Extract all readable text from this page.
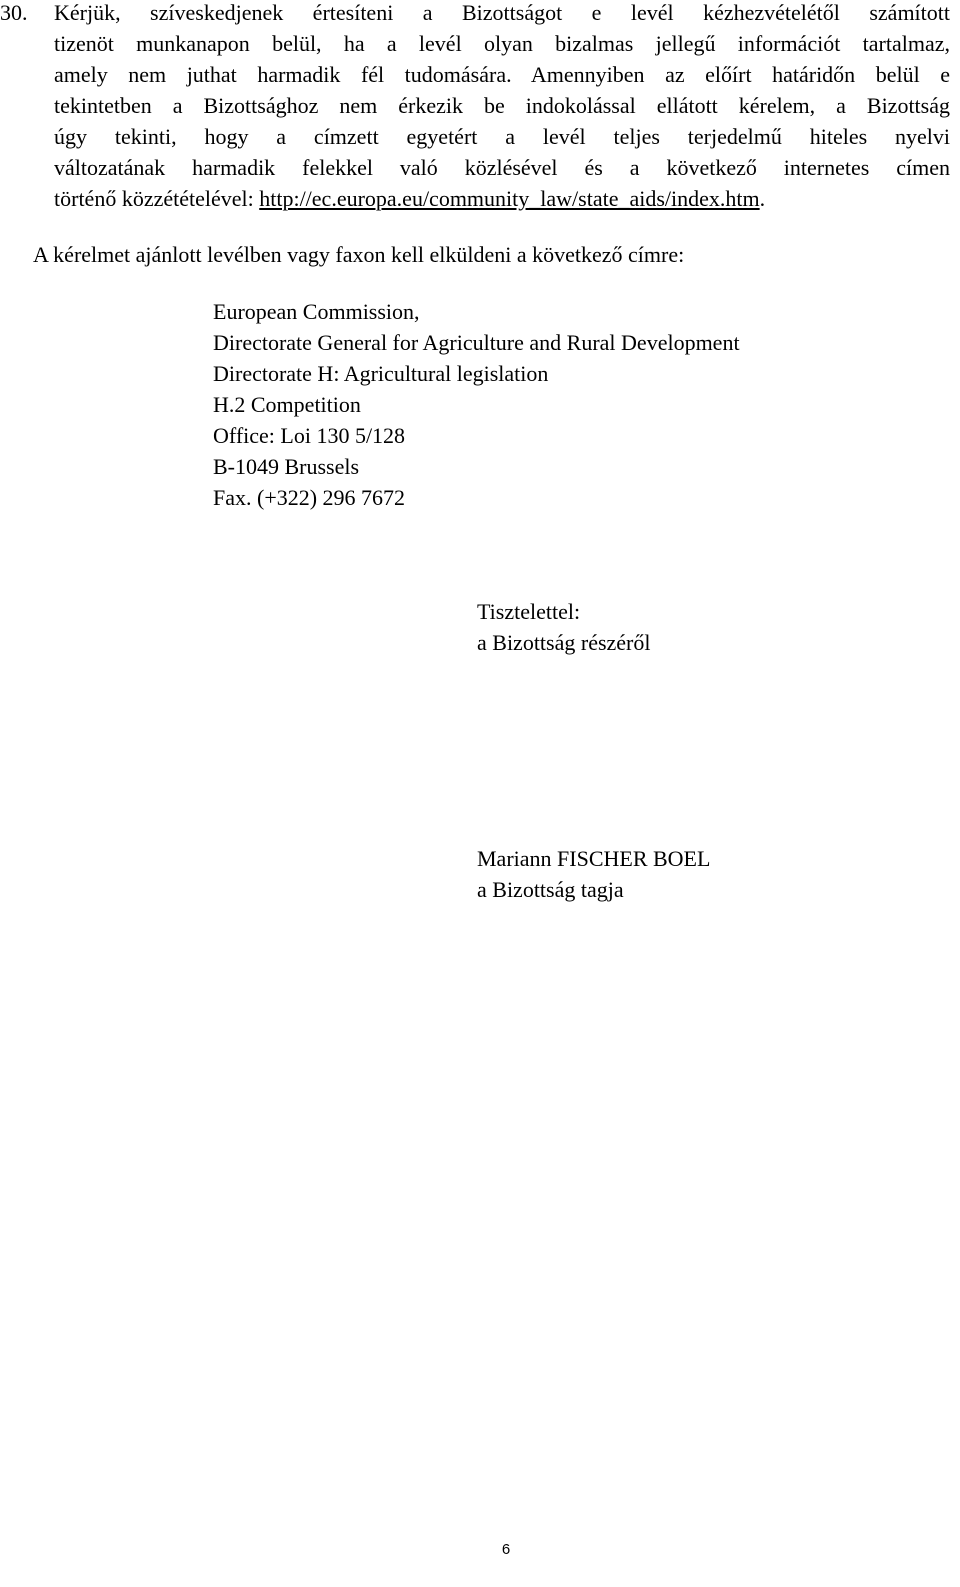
30.	Kérjük, szíveskedjenek értesíteni a Bizottságot e levél kézhezvételétől számított
tizenöt munkanapon belül, ha a levél olyan bizalmas jellegű információt tartalmaz,
amely nem juthat harmadik fél tudomására. Amennyiben az előírt határidőn belül e
tekintetben a Bizottsághoz nem érkezik be indokolással ellátott kérelem, a Bizottság
úgy tekinti, hogy a címzett egyetért a levél teljes terjedelmű hiteles nyelvi
változatának harmadik felekkel való közlésével és a következő internetes címen
történő közzétételével: http://ec.europa.eu/community_law/state_aids/index.htm.
A kérelmet ajánlott levélben vagy faxon kell elküldeni a következő címre:
European Commission,
Directorate General for Agriculture and Rural Development
Directorate H: Agricultural legislation
H.2 Competition
Office: Loi 130 5/128
B-1049 Brussels
Fax. (+322) 296 7672
Tisztelettel:
a Bizottság részéről
Mariann FISCHER BOEL
a Bizottság tagja
6
